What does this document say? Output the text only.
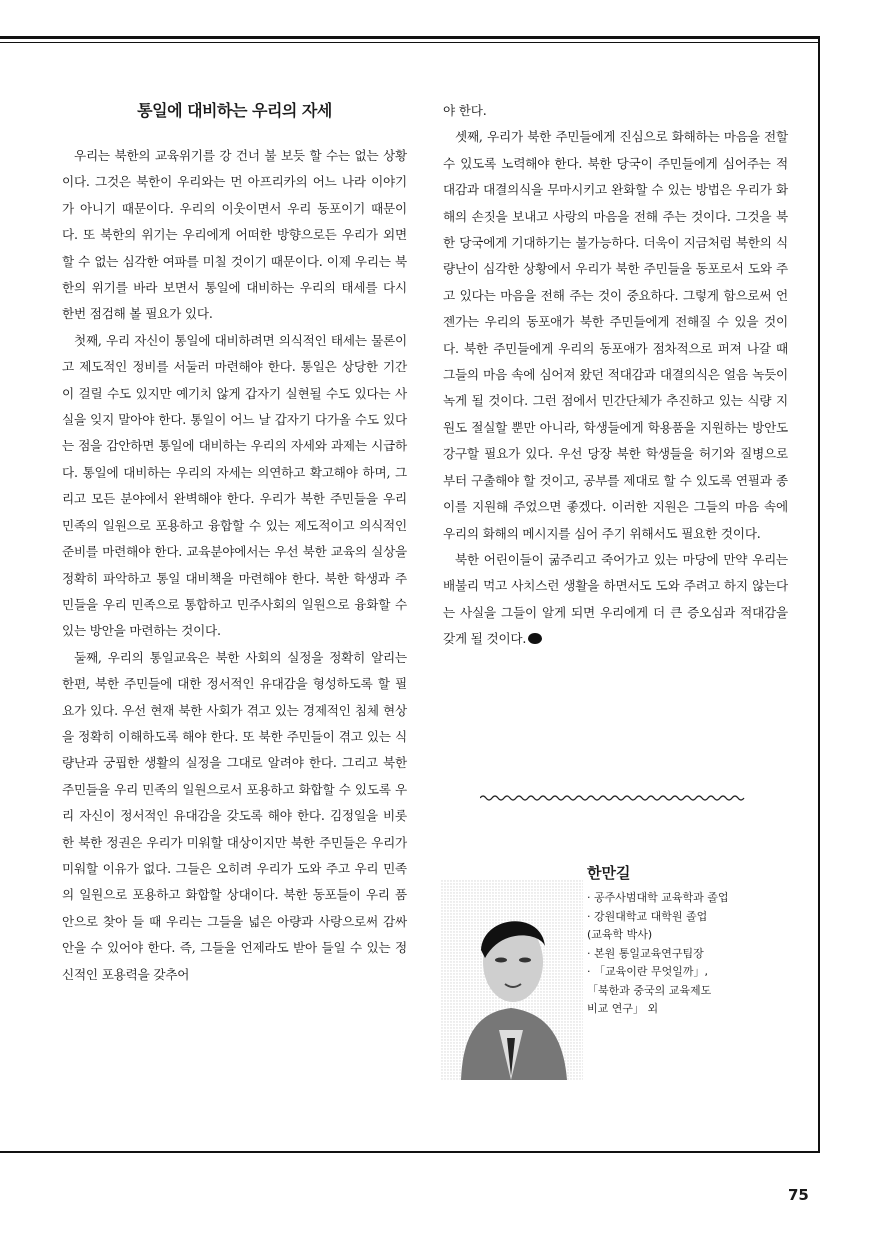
통일에 대비하는 우리의 자세

우리는 북한의 교육위기를 강 건너 불 보듯 할 수는 없는 상황이다. 그것은 북한이 우리와는 먼 아프리카의 어느 나라 이야기가 아니기 때문이다. 우리의 이웃이면서 우리 동포이기 때문이다. 또 북한의 위기는 우리에게 어떠한 방향으로든 우리가 외면할 수 없는 심각한 여파를 미칠 것이기 때문이다. 이제 우리는 북한의 위기를 바라 보면서 통일에 대비하는 우리의 태세를 다시 한번 점검해 볼 필요가 있다.

첫째, 우리 자신이 통일에 대비하려면 의식적인 태세는 물론이고 제도적인 정비를 서둘러 마련해야 한다. 통일은 상당한 기간이 걸릴 수도 있지만 예기치 않게 갑자기 실현될 수도 있다는 사실을 잊지 말아야 한다. 통일이 어느 날 갑자기 다가올 수도 있다는 점을 감안하면 통일에 대비하는 우리의 자세와 과제는 시급하다. 통일에 대비하는 우리의 자세는 의연하고 확고해야 하며, 그리고 모든 분야에서 완벽해야 한다. 우리가 북한 주민들을 우리 민족의 일원으로 포용하고 융합할 수 있는 제도적이고 의식적인 준비를 마련해야 한다. 교육분야에서는 우선 북한 교육의 실상을 정확히 파악하고 통일 대비책을 마련해야 한다. 북한 학생과 주민들을 우리 민족으로 통합하고 민주사회의 일원으로 융화할 수 있는 방안을 마련하는 것이다.

둘째, 우리의 통일교육은 북한 사회의 실정을 정확히 알리는 한편, 북한 주민들에 대한 정서적인 유대감을 형성하도록 할 필요가 있다. 우선 현재 북한 사회가 겪고 있는 경제적인 침체 현상을 정확히 이해하도록 해야 한다. 또 북한 주민들이 겪고 있는 식량난과 궁핍한 생활의 실정을 그대로 알려야 한다. 그리고 북한 주민들을 우리 민족의 일원으로서 포용하고 화합할 수 있도록 우리 자신이 정서적인 유대감을 갖도록 해야 한다. 김정일을 비롯한 북한 정권은 우리가 미워할 대상이지만 북한 주민들은 우리가 미워할 이유가 없다. 그들은 오히려 우리가 도와 주고 우리 민족의 일원으로 포용하고 화합할 상대이다. 북한 동포들이 우리 품안으로 찾아 들 때 우리는 그들을 넓은 아량과 사랑으로써 감싸 안을 수 있어야 한다. 즉, 그들을 언제라도 받아 들일 수 있는 정신적인 포용력을 갖추어

야 한다.

셋째, 우리가 북한 주민들에게 진심으로 화해하는 마음을 전할 수 있도록 노력해야 한다. 북한 당국이 주민들에게 심어주는 적대감과 대결의식을 무마시키고 완화할 수 있는 방법은 우리가 화해의 손짓을 보내고 사랑의 마음을 전해 주는 것이다. 그것을 북한 당국에게 기대하기는 불가능하다. 더욱이 지금처럼 북한의 식량난이 심각한 상황에서 우리가 북한 주민들을 동포로서 도와 주고 있다는 마음을 전해 주는 것이 중요하다. 그렇게 함으로써 언젠가는 우리의 동포애가 북한 주민들에게 전해질 수 있을 것이다. 북한 주민들에게 우리의 동포애가 점차적으로 퍼져 나갈 때 그들의 마음 속에 심어져 왔던 적대감과 대결의식은 얼음 녹듯이 녹게 될 것이다. 그런 점에서 민간단체가 추진하고 있는 식량 지원도 절실할 뿐만 아니라, 학생들에게 학용품을 지원하는 방안도 강구할 필요가 있다. 우선 당장 북한 학생들을 허기와 질병으로부터 구출해야 할 것이고, 공부를 제대로 할 수 있도록 연필과 종이를 지원해 주었으면 좋겠다. 이러한 지원은 그들의 마음 속에 우리의 화해의 메시지를 심어 주기 위해서도 필요한 것이다.

북한 어린이들이 굶주리고 죽어가고 있는 마당에 만약 우리는 배불리 먹고 사치스런 생활을 하면서도 도와 주려고 하지 않는다는 사실을 그들이 알게 되면 우리에게 더 큰 증오심과 적대감을 갖게 될 것이다.

한만길
· 공주사범대학 교육학과 졸업
· 강원대학교 대학원 졸업
(교육학 박사)
· 본원 통일교육연구팀장
· 「교육이란 무엇일까」,
「북한과 중국의 교육제도
비교 연구」 외
75
